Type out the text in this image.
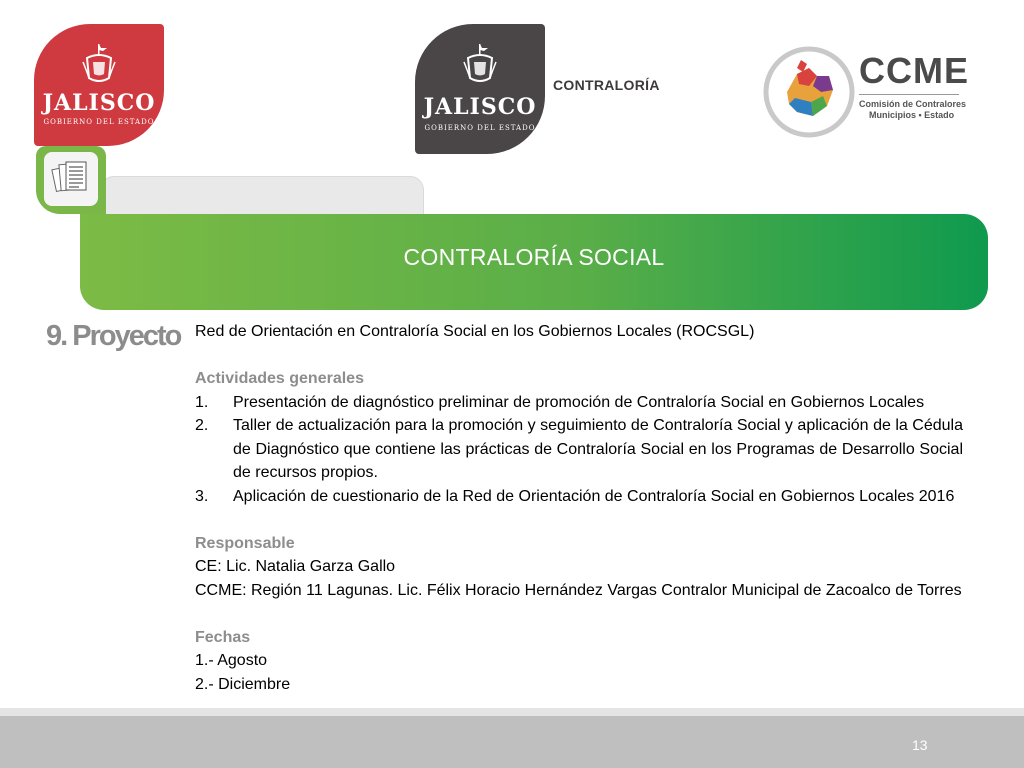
JALISCO
GOBIERNO DEL ESTADO
JALISCO
GOBIERNO DEL ESTADO
CONTRALORÍA	CCME
Comisión de Contralores
Municipios • Estado
CONTRALORÍA SOCIAL
9. Proyecto Red de Orientación en Contraloría Social en los Gobiernos Locales (ROCSGL)

Actividades generales

1. Presentación de diagnóstico preliminar de promoción de Contraloría Social en Gobiernos Locales
2. Taller de actualización para la promoción y seguimiento de Contraloría Social y aplicación de la Cédula de Diagnóstico que contiene las prácticas de Contraloría Social en los Programas de Desarrollo Social de recursos propios.
3. Aplicación de cuestionario de la Red de Orientación de Contraloría Social en Gobiernos Locales 2016

Responsable

CE: Lic. Natalia Garza Gallo

CCME: Región 11 Lagunas. Lic. Félix Horacio Hernández Vargas Contralor Municipal de Zacoalco de Torres

Fechas

1.- Agosto

2.- Diciembre

13
